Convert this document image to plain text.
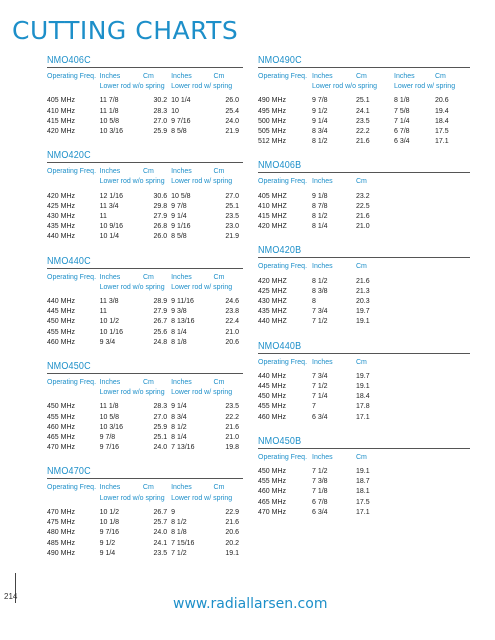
CUTTING CHARTS
NMO406C
Operating Freq.	Inches	Cm	Inches	Cm
	Lower rod w/o spring		Lower rod w/ spring	

405 MHz	11 7/8	30.2	10 1/4	26.0
410 MHz	11 1/8	28.3	10	25.4
415 MHz	10 5/8	27.0	9 7/16	24.0
420 MHz	10 3/16	25.9	8 5/8	21.9
NMO420C
Operating Freq.	Inches	Cm	Inches	Cm
	Lower rod w/o spring		Lower rod w/ spring	

420 MHz	12 1/16	30.6	10 5/8	27.0
425 MHz	11 3/4	29.8	9 7/8	25.1
430 MHz	11	27.9	9 1/4	23.5
435 MHz	10 9/16	26.8	9 1/16	23.0
440 MHz	10 1/4	26.0	8 5/8	21.9
NMO440C
Operating Freq.	Inches	Cm	Inches	Cm
	Lower rod w/o spring		Lower rod w/ spring	

440 MHz	11 3/8	28.9	9 11/16	24.6
445 MHz	11	27.9	9 3/8	23.8
450 MHz	10 1/2	26.7	8 13/16	22.4
455 MHz	10 1/16	25.6	8 1/4	21.0
460 MHz	9 3/4	24.8	8 1/8	20.6
NMO450C
Operating Freq.	Inches	Cm	Inches	Cm
	Lower rod w/o spring		Lower rod w/ spring	

450 MHz	11 1/8	28.3	9 1/4	23.5
455 MHz	10 5/8	27.0	8 3/4	22.2
460 MHz	10 3/16	25.9	8 1/2	21.6
465 MHz	9 7/8	25.1	8 1/4	21.0
470 MHz	9 7/16	24.0	7 13/16	19.8
NMO470C
Operating Freq.	Inches	Cm	Inches	Cm
	Lower rod w/o spring		Lower rod w/ spring	

470 MHz	10 1/2	26.7	9	22.9
475 MHz	10 1/8	25.7	8 1/2	21.6
480 MHz	9 7/16	24.0	8 1/8	20.6
485 MHz	9 1/2	24.1	7 15/16	20.2
490 MHz	9 1/4	23.5	7 1/2	19.1
NMO490C
Operating Freq.	Inches	Cm	Inches	Cm
	Lower rod w/o spring		Lower rod w/ spring	

490 MHz	9 7/8	25.1	8 1/8	20.6
495 MHz	9 1/2	24.1	7 5/8	19.4
500 MHz	9 1/4	23.5	7 1/4	18.4
505 MHz	8 3/4	22.2	6 7/8	17.5
512 MHz	8 1/2	21.6	6 3/4	17.1
NMO406B
Operating Freq.	Inches	Cm

405 MHZ	9 1/8	23.2
410 MHZ	8 7/8	22.5
415 MHZ	8 1/2	21.6
420 MHZ	8 1/4	21.0
NMO420B
Operating Freq.	Inches	Cm

420 MHZ	8 1/2	21.6
425 MHZ	8 3/8	21.3
430 MHZ	8	20.3
435 MHZ	7 3/4	19.7
440 MHZ	7 1/2	19.1
NMO440B
Operating Freq.	Inches	Cm

440 MHz	7 3/4	19.7
445 MHz	7 1/2	19.1
450 MHz	7 1/4	18.4
455 MHz	7	17.8
460 MHz	6 3/4	17.1
NMO450B
Operating Freq.	Inches	Cm

450 MHz	7 1/2	19.1
455 MHz	7 3/8	18.7
460 MHz	7 1/8	18.1
465 MHz	6 7/8	17.5
470 MHz	6 3/4	17.1
214	www.radiallarsen.com
